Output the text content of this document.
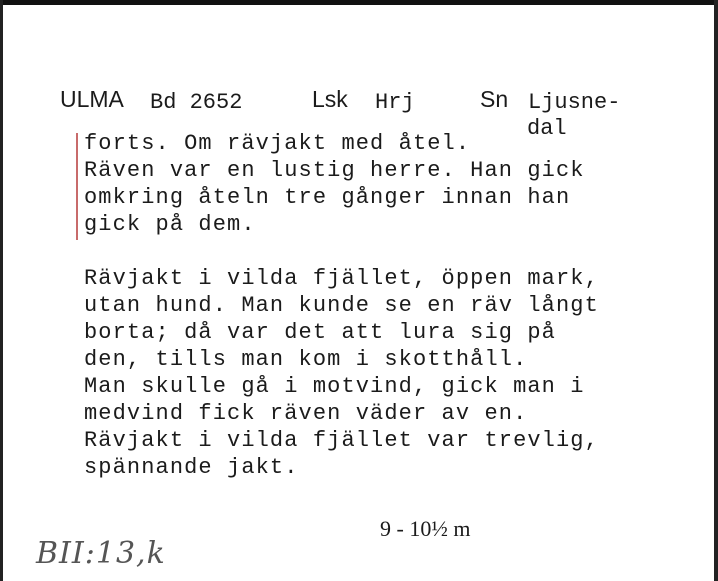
ULMA Bd 2652	Lsk Hrj	Sn Ljusne-
dal
forts. Om rävjakt med åtel.
Räven var en lustig herre. Han gick
omkring åteln tre gånger innan han
gick på dem.
Rävjakt i vilda fjället, öppen mark,
utan hund. Man kunde se en räv långt
borta; då var det att lura sig på
den, tills man kom i skotthåll.
Man skulle gå i motvind, gick man i
medvind fick räven väder av en.
Rävjakt i vilda fjället var trevlig,
spännande jakt.
9 - 10½ m
BII:13,k
